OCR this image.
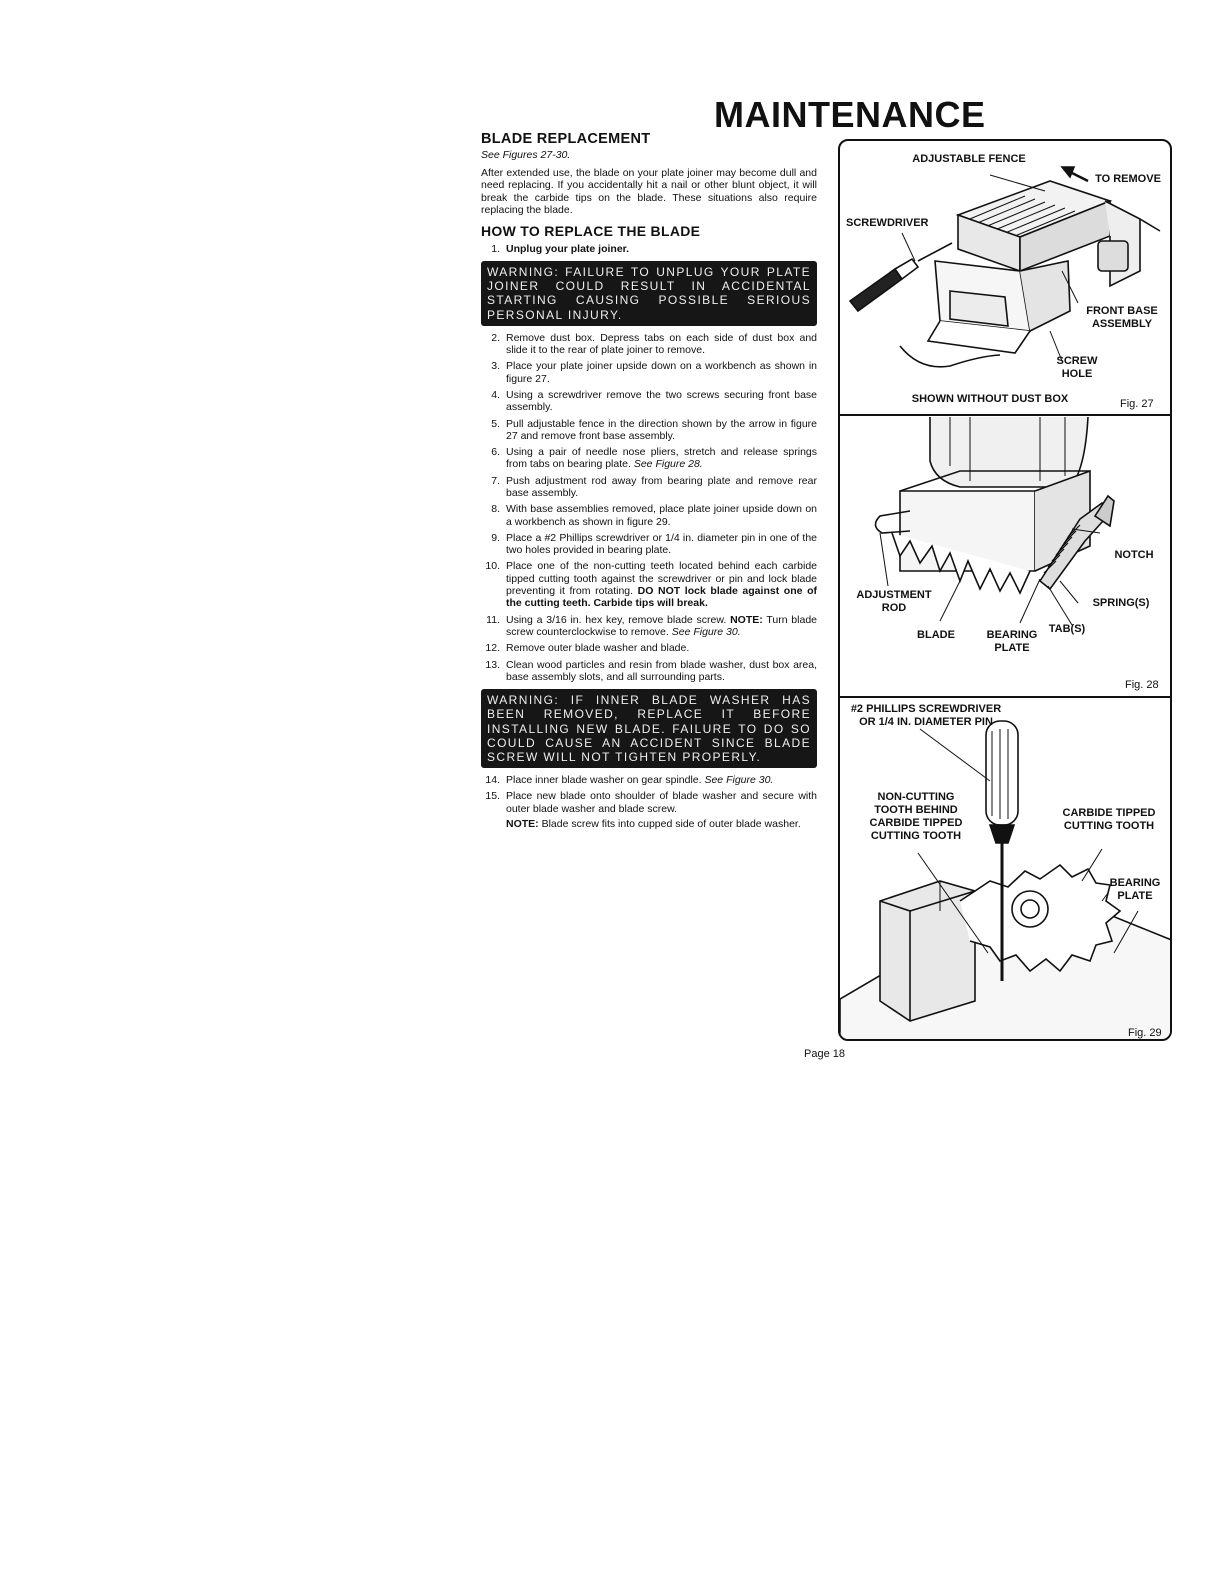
MAINTENANCE
BLADE REPLACEMENT
See Figures 27-30.

After extended use, the blade on your plate joiner may become dull and need replacing. If you accidentally hit a nail or other blunt object, it will break the carbide tips on the blade. These situations also require replacing the blade.

HOW TO REPLACE THE BLADE
1. Unplug your plate joiner.
WARNING: FAILURE TO UNPLUG YOUR PLATE JOINER COULD RESULT IN ACCIDENTAL STARTING CAUSING POSSIBLE SERIOUS PERSONAL INJURY.
2. Remove dust box. Depress tabs on each side of dust box and slide it to the rear of plate joiner to remove.
3. Place your plate joiner upside down on a workbench as shown in figure 27.
4. Using a screwdriver remove the two screws securing front base assembly.
5. Pull adjustable fence in the direction shown by the arrow in figure 27 and remove front base assembly.
6. Using a pair of needle nose pliers, stretch and release springs from tabs on bearing plate. See Figure 28.
7. Push adjustment rod away from bearing plate and remove rear base assembly.
8. With base assemblies removed, place plate joiner upside down on a workbench as shown in figure 29.
9. Place a #2 Phillips screwdriver or 1/4 in. diameter pin in one of the two holes provided in bearing plate.
10. Place one of the non-cutting teeth located behind each carbide tipped cutting tooth against the screwdriver or pin and lock blade preventing it from rotating. DO NOT lock blade against one of the cutting teeth. Carbide tips will break.
11. Using a 3/16 in. hex key, remove blade screw. NOTE: Turn blade screw counterclockwise to remove. See Figure 30.
12. Remove outer blade washer and blade.
13. Clean wood particles and resin from blade washer, dust box area, base assembly slots, and all surrounding parts.
WARNING: IF INNER BLADE WASHER HAS BEEN REMOVED, REPLACE IT BEFORE INSTALLING NEW BLADE. FAILURE TO DO SO COULD CAUSE AN ACCIDENT SINCE BLADE SCREW WILL NOT TIGHTEN PROPERLY.
14. Place inner blade washer on gear spindle. See Figure 30.
15. Place new blade onto shoulder of blade washer and secure with outer blade washer and blade screw.
NOTE: Blade screw fits into cupped side of outer blade washer.
ADJUSTABLE FENCE
TO REMOVE
SCREWDRIVER
FRONT BASE ASSEMBLY
SCREW HOLE
SHOWN WITHOUT DUST BOX	Fig. 27
NOTCH
ADJUSTMENT ROD	SPRING(S)
BLADE	BEARING PLATE
TAB(S)
Fig. 28
#2 PHILLIPS SCREWDRIVER OR 1/4 IN. DIAMETER PIN
NON-CUTTING TOOTH BEHIND CARBIDE TIPPED CUTTING TOOTH
CARBIDE TIPPED CUTTING TOOTH
BEARING PLATE
Fig. 29
Page 18
